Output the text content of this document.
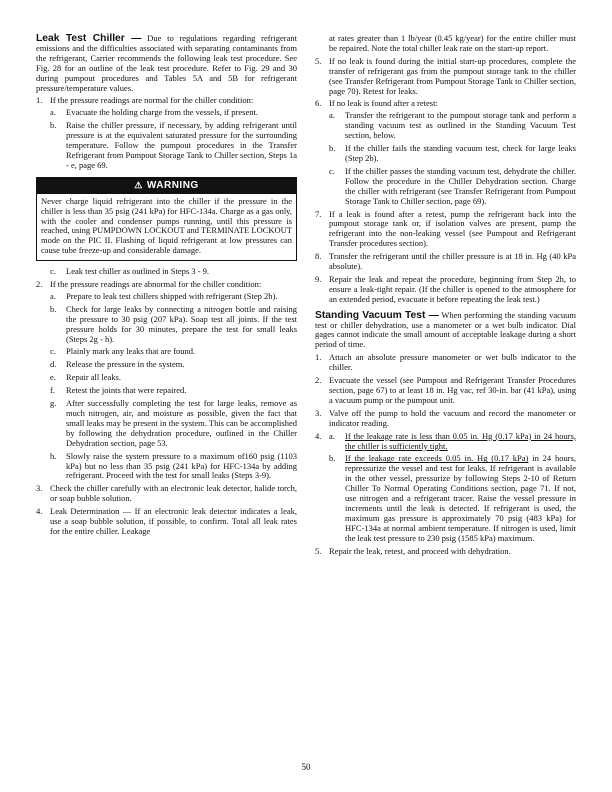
Leak Test Chiller — Due to regulations regarding refrigerant emissions and the difficulties associated with separating contaminants from the refrigerant, Carrier recommends the following leak test procedure. See Fig. 28 for an outline of the leak test procedure. Refer to Fig. 29 and 30 during pumpout procedures and Tables 5A and 5B for refrigerant pressure/temperature values.

1. If the pressure readings are normal for the chiller condition:
a. Evacuate the holding charge from the vessels, if present.
b. Raise the chiller pressure, if necessary, by adding refrigerant until pressure is at the equivalent saturated pressure for the surrounding temperature. Follow the pumpout procedures in the Transfer Refrigerant from Pumpout Storage Tank to Chiller section, Steps 1a - e, page 69.
⚠ WARNING
Never charge liquid refrigerant into the chiller if the pressure in the chiller is less than 35 psig (241 kPa) for HFC-134a. Charge as a gas only, with the cooler and condenser pumps running, until this pressure is reached, using PUMPDOWN LOCKOUT and TERMINATE LOCKOUT mode on the PIC II. Flashing of liquid refrigerant at low pressures can cause tube freeze-up and considerable damage.
c. Leak test chiller as outlined in Steps 3 - 9.
2. If the pressure readings are abnormal for the chiller condition:
a. Prepare to leak test chillers shipped with refrigerant (Step 2h).
b. Check for large leaks by connecting a nitrogen bottle and raising the pressure to 30 psig (207 kPa). Soap test all joints. If the test pressure holds for 30 minutes, prepare the test for small leaks (Steps 2g - h).
c. Plainly mark any leaks that are found.
d. Release the pressure in the system.
e. Repair all leaks.
f. Retest the joints that were repaired.
g. After successfully completing the test for large leaks, remove as much nitrogen, air, and moisture as possible, given the fact that small leaks may be present in the system. This can be accomplished by following the dehydration procedure, outlined in the Chiller Dehydration section, page 53.
h. Slowly raise the system pressure to a maximum of160 psig (1103 kPa) but no less than 35 psig (241 kPa) for HFC-134a by adding refrigerant. Proceed with the test for small leaks (Steps 3-9).
3. Check the chiller carefully with an electronic leak detector, halide torch, or soap bubble solution.
4. Leak Determination — If an electronic leak detector indicates a leak, use a soap bubble solution, if possible, to confirm. Total all leak rates for the entire chiller. Leakage

at rates greater than 1 lb/year (0.45 kg/year) for the entire chiller must be repaired. Note the total chiller leak rate on the start-up report.

5. If no leak is found during the initial start-up procedures, complete the transfer of refrigerant gas from the pumpout storage tank to the chiller (see Transfer Refrigerant from Pumpout Storage Tank to Chiller section, page 70). Retest for leaks.
6. If no leak is found after a retest:
a. Transfer the refrigerant to the pumpout storage tank and perform a standing vacuum test as outlined in the Standing Vacuum Test section, below.
b. If the chiller fails the standing vacuum test, check for large leaks (Step 2b).
c. If the chiller passes the standing vacuum test, dehydrate the chiller. Follow the procedure in the Chiller Dehydration section. Charge the chiller with refrigerant (see Transfer Refrigerant from Pumpout Storage Tank to Chiller section, page 69).
7. If a leak is found after a retest, pump the refrigerant back into the pumpout storage tank or, if isolation valves are present, pump the refrigerant into the non-leaking vessel (see Pumpout and Refrigerant Transfer procedures section).
8. Transfer the refrigerant until the chiller pressure is at 18 in. Hg (40 kPa absolute).
9. Repair the leak and repeat the procedure, beginning from Step 2h, to ensure a leak-tight repair. (If the chiller is opened to the atmosphere for an extended period, evacuate it before repeating the leak test.)

Standing Vacuum Test — When performing the standing vacuum test or chiller dehydration, use a manometer or a wet bulb indicator. Dial gages cannot indicate the small amount of acceptable leakage during a short period of time.

1. Attach an absolute pressure manometer or wet bulb indicator to the chiller.
2. Evacuate the vessel (see Pumpout and Refrigerant Transfer Procedures section, page 67) to at least 18 in. Hg vac, ref 30-in. bar (41 kPa), using a vacuum pump or the pumpout unit.
3. Valve off the pump to hold the vacuum and record the manometer or indicator reading.
4. a. If the leakage rate is less than 0.05 in. Hg (0.17 kPa) in 24 hours, the chiller is sufficiently tight.
b. If the leakage rate exceeds 0.05 in. Hg (0.17 kPa) in 24 hours, repressurize the vessel and test for leaks. If refrigerant is available in the other vessel, pressurize by following Steps 2-10 of Return Chiller To Normal Operating Conditions section, page 71. If not, use nitrogen and a refrigerant tracer. Raise the vessel pressure in increments until the leak is detected. If refrigerant is used, the maximum gas pressure is approximately 70 psig (483 kPa) for HFC-134a at normal ambient temperature. If nitrogen is used, limit the leak test pressure to 230 psig (1585 kPa) maximum.
5. Repair the leak, retest, and proceed with dehydration.
50
